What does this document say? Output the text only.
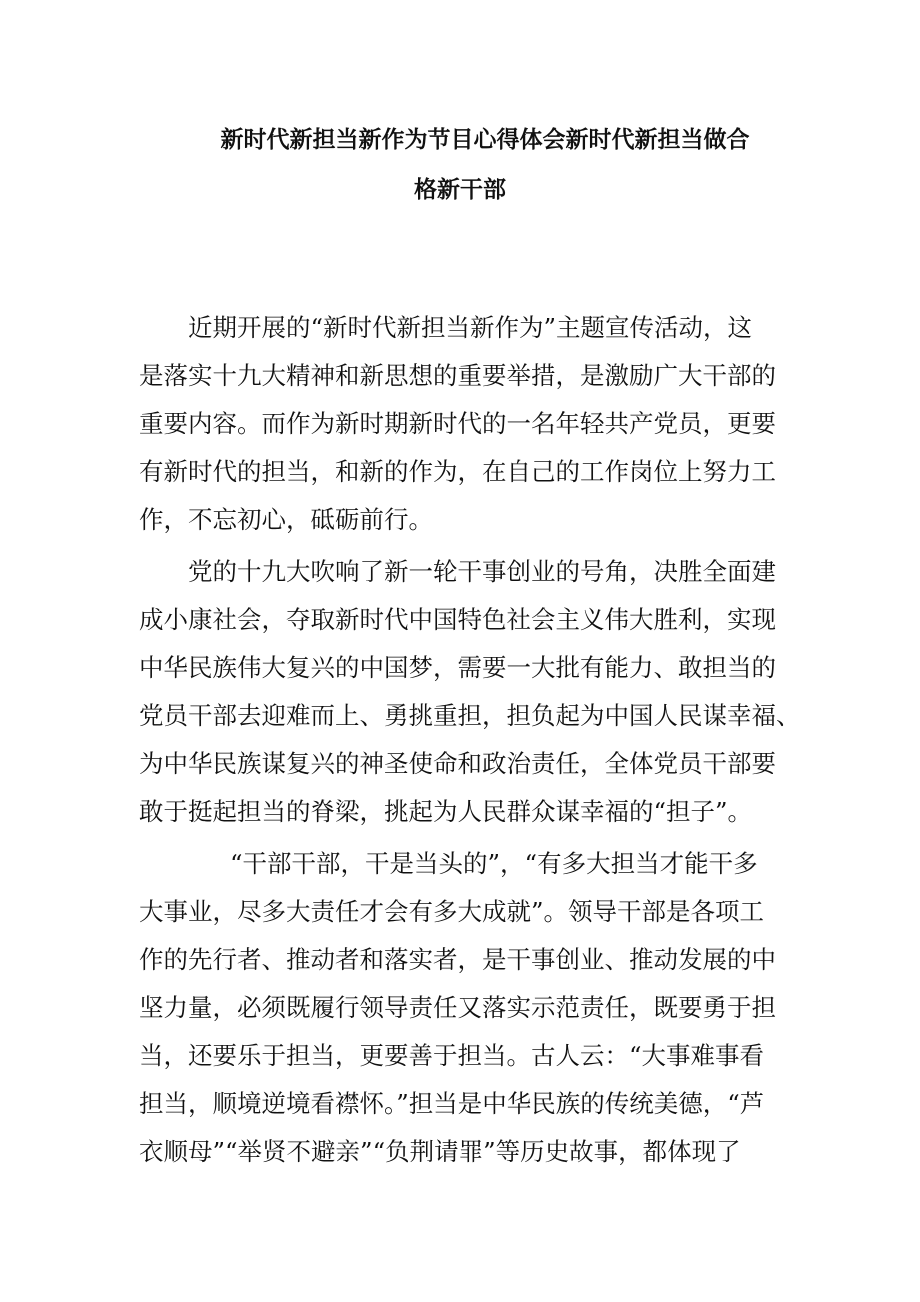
新时代新担当新作为节目心得体会新时代新担当做合
格新干部
近期开展的“新时代新担当新作为”主题宣传活动，这
是落实十九大精神和新思想的重要举措，是激励广大干部的
重要内容。而作为新时期新时代的一名年轻共产党员，更要
有新时代的担当，和新的作为，在自己的工作岗位上努力工
作，不忘初心，砥砺前行。
党的十九大吹响了新一轮干事创业的号角，决胜全面建
成小康社会，夺取新时代中国特色社会主义伟大胜利，实现
中华民族伟大复兴的中国梦，需要一大批有能力、敢担当的
党员干部去迎难而上、勇挑重担，担负起为中国人民谋幸福、
为中华民族谋复兴的神圣使命和政治责任，全体党员干部要
敢于挺起担当的脊梁，挑起为人民群众谋幸福的“担子”。
“干部干部，干是当头的”，“有多大担当才能干多
大事业，尽多大责任才会有多大成就”。领导干部是各项工
作的先行者、推动者和落实者，是干事创业、推动发展的中
坚力量，必须既履行领导责任又落实示范责任，既要勇于担
当，还要乐于担当，更要善于担当。古人云：“大事难事看
担当，顺境逆境看襟怀。”担当是中华民族的传统美德，“芦
衣顺母”“举贤不避亲”“负荆请罪”等历史故事，都体现了
